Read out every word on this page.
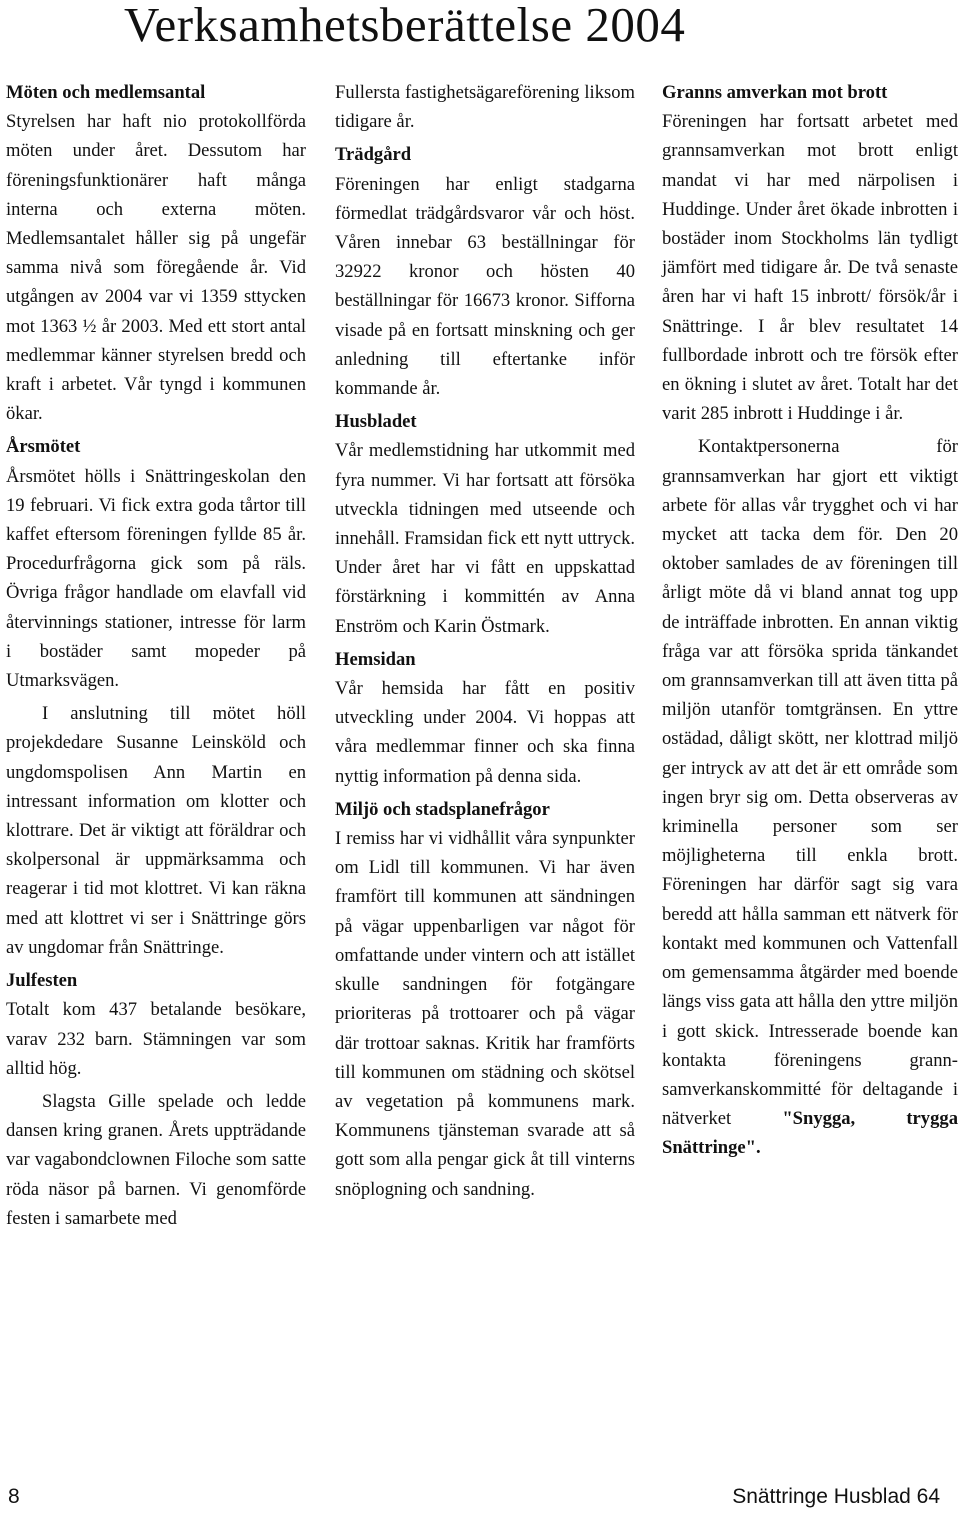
Verksamhetsberättelse 2004
Möten och medlemsantal

Styrelsen har haft nio protokollförda möten under året. Dessutom har föreningsfunktionärer haft många interna och externa möten. Medlemsantalet håller sig på ungefär samma nivå som föregående år. Vid utgången av 2004 var vi 1359 sttycken mot 1363 ½ år 2003. Med ett stort antal medlemmar känner styrelsen bredd och kraft i arbetet. Vår tyngd i kommunen ökar.

Årsmötet

Årsmötet hölls i Snättringeskolan den 19 februari. Vi fick extra goda tårtor till kaffet eftersom föreningen fyllde 85 år. Procedurfrågorna gick som på räls. Övriga frågor handlade om elavfall vid återvinnings stationer, intresse för larm i bostäder samt mopeder på Utmarksvägen.

I anslutning till mötet höll projekdedare Susanne Leinsköld och ungdomspolisen Ann Martin en intressant information om klotter och klottrare. Det är viktigt att föräldrar och skolpersonal är uppmärksamma och reagerar i tid mot klottret. Vi kan räkna med att klottret vi ser i Snättringe görs av ungdomar från Snättringe.

Julfesten

Totalt kom 437 betalande besökare, varav 232 barn. Stämningen var som alltid hög.

Slagsta Gille spelade och ledde dansen kring granen. Årets uppträdande var vagabondclownen Filoche som satte röda näsor på barnen. Vi genomförde festen i samarbete med

Fullersta fastighetsägareförening liksom tidigare år.

Trädgård

Föreningen har enligt stadgarna förmedlat trädgårdsvaror vår och höst. Våren innebar 63 beställningar för 32922 kronor och hösten 40 beställningar för 16673 kronor. Sifforna visade på en fortsatt minskning och ger anledning till eftertanke inför kommande år.

Husbladet

Vår medlemstidning har utkommit med fyra nummer. Vi har fortsatt att försöka utveckla tidningen med utseende och innehåll. Framsidan fick ett nytt uttryck. Under året har vi fått en uppskattad förstärkning i kommittén av Anna Enström och Karin Östmark.

Hemsidan

Vår hemsida har fått en positiv utveckling under 2004. Vi hoppas att våra medlemmar finner och ska finna nyttig information på denna sida.

Miljö och stadsplanefrågor

I remiss har vi vidhållit våra synpunkter om Lidl till kommunen. Vi har även framfört till kommunen att sändningen på vägar uppenbarligen var något för omfattande under vintern och att istället skulle sandningen för fotgängare prioriteras på trottoarer och på vägar där trottoar saknas. Kritik har framförts till kommunen om städning och skötsel av vegetation på kommunens mark. Kommunens tjänsteman svarade att så gott som alla pengar gick åt till vinterns snöplogning och sandning.

Granns amverkan mot brott

Föreningen har fortsatt arbetet med grannsamverkan mot brott enligt mandat vi har med närpolisen i Huddinge. Under året ökade inbrotten i bostäder inom Stockholms län tydligt jämfört med tidigare år. De två senaste åren har vi haft 15 inbrott/ försök/år i Snättringe. I år blev resultatet 14 fullbordade inbrott och tre försök efter en ökning i slutet av året. Totalt har det varit 285 inbrott i Huddinge i år.

Kontaktpersonerna för grannsamverkan har gjort ett viktigt arbete för allas vår trygghet och vi har mycket att tacka dem för. Den 20 oktober samlades de av föreningen till årligt möte då vi bland annat tog upp de inträffade inbrotten. En annan viktig fråga var att försöka sprida tänkandet om grannsamverkan till att även titta på miljön utanför tomtgränsen. En yttre ostädad, dåligt skött, ner klottrad miljö ger intryck av att det är ett område som ingen bryr sig om. Detta observeras av kriminella personer som ser möjligheterna till enkla brott. Föreningen har därför sagt sig vara beredd att hålla samman ett nätverk för kontakt med kommunen och Vattenfall om gemensamma åtgärder med boende längs viss gata att hålla den yttre miljön i gott skick. Intresserade boende kan kontakta föreningens grannsamverkanskommitté för deltagande i nätverket	"Snygga, trygga Snättringe".

8	Snättringe Husblad 64
